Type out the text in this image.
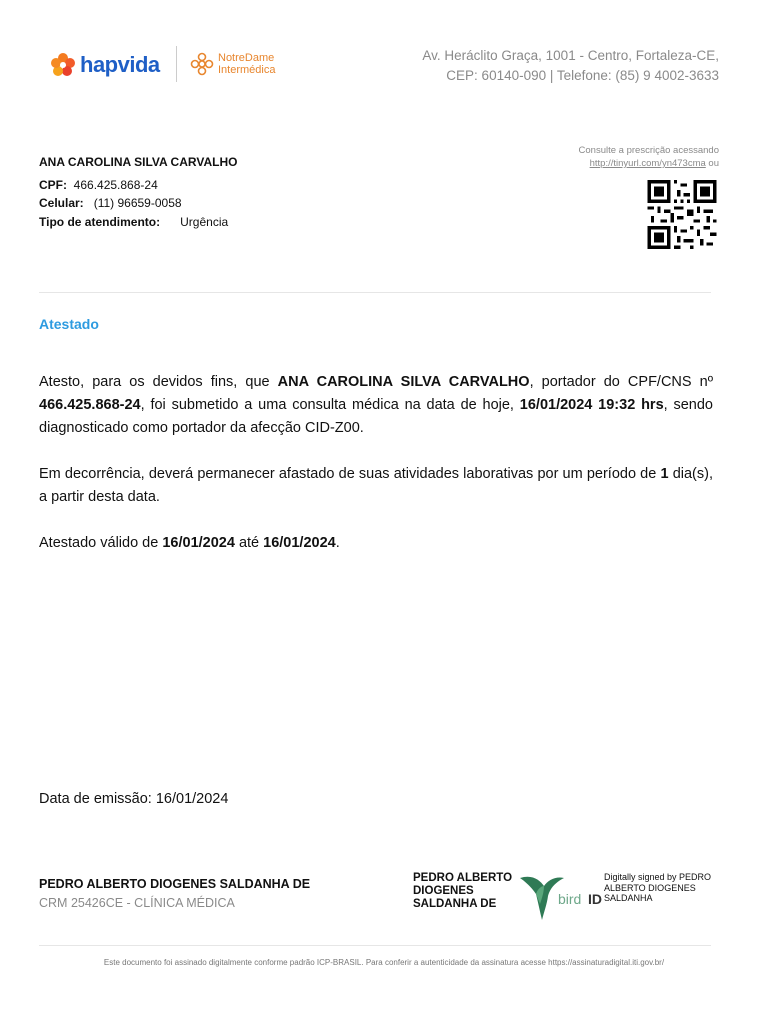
hapvida	NotreDame
Intermédica
Av. Heráclito Graça, 1001 - Centro, Fortaleza-CE,
CEP: 60140-090 | Telefone: (85) 9 4002-3633
ANA CAROLINA SILVA CARVALHO
CPF: 466.425.868-24
Celular: (11) 96659-0058
Tipo de atendimento: Urgência
Consulte a prescrição acessando
http://tinyurl.com/yn473cma ou
Atestado
Atesto, para os devidos fins, que ANA CAROLINA SILVA CARVALHO, portador do CPF/CNS nº 466.425.868-24, foi submetido a uma consulta médica na data de hoje, 16/01/2024 19:32 hrs, sendo diagnosticado como portador da afecção CID-Z00.
Em decorrência, deverá permanecer afastado de suas atividades laborativas por um período de 1 dia(s), a partir desta data.
Atestado válido de 16/01/2024 até 16/01/2024.
Data de emissão: 16/01/2024
PEDRO ALBERTO DIOGENES SALDANHA DE
CRM 25426CE - CLÍNICA MÉDICA
PEDRO ALBERTO
DIOGENES
SALDANHA DE	bird ID
Digitally signed by PEDRO ALBERTO DIOGENES SALDANHA
Este documento foi assinado digitalmente conforme padrão ICP-BRASIL. Para conferir a autenticidade da assinatura acesse https://assinaturadigital.iti.gov.br/
